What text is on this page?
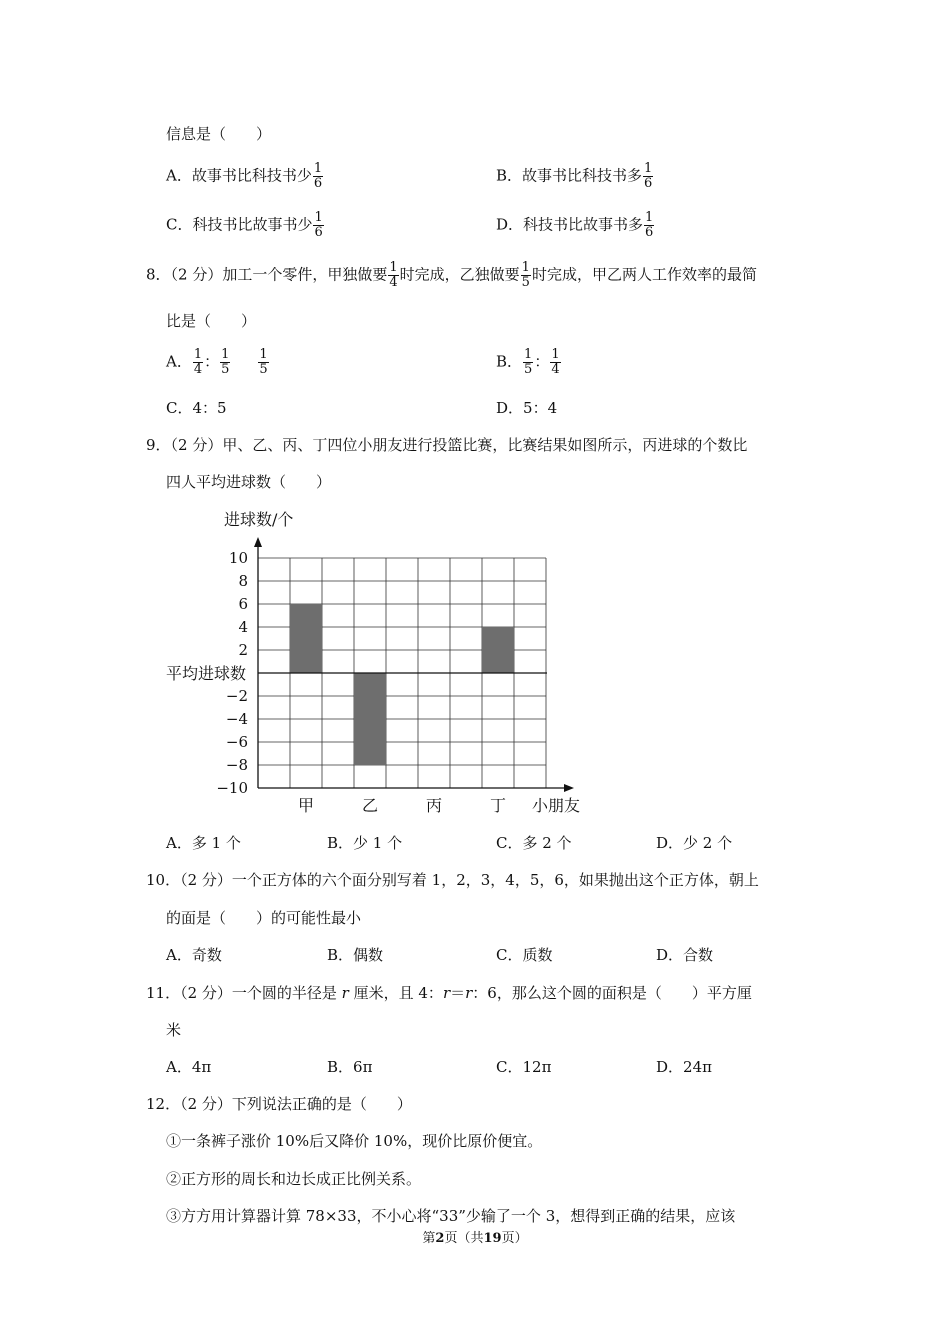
信息是（　　）
A．故事书比科技书少 $\frac{1}{6}$	B．故事书比科技书多 $\frac{1}{6}$
C．科技书比故事书少 $\frac{1}{6}$	D．科技书比故事书多 $\frac{1}{6}$
8．（2 分）加工一个零件，甲独做要 $\frac{1}{4}$ 时完成，乙独做要 $\frac{1}{5}$ 时完成，甲乙两人工作效率的最简
比是（　　）
A． $\frac{1}{4}$ ： $\frac{1}{5} \frac{1}{5}$	B． $\frac{1}{5}$ ： $\frac{1}{4}$
C．4：5	D．5：4
9．（2 分）甲、乙、丙、丁四位小朋友进行投篮比赛，比赛结果如图所示，丙进球的个数比
四人平均进球数（　　）
进球数/个
10
8
6
4
2
−2
−4
−6
−8
−10
平均进球数
甲	乙	丙	丁 小朋友
A．多 1 个	B．少 1 个	C．多 2 个	D．少 2 个
10．（2 分）一个正方体的六个面分别写着 1，2，3，4，5，6，如果抛出这个正方体，朝上
的面是（　　）的可能性最小
A．奇数	B．偶数	C．质数	D．合数
11．（2 分）一个圆的半径是 r 厘米，且 4：r＝r：6，那么这个圆的面积是（　　）平方厘
米
A．4π	B．6π	C．12π	D．24π
12．（2 分）下列说法正确的是（　　）
①一条裤子涨价 10%后又降价 10%，现价比原价便宜。
②正方形的周长和边长成正比例关系。
③方方用计算器计算 78×33，不小心将“33”少输了一个 3，想得到正确的结果，应该
第2页（共19页）
